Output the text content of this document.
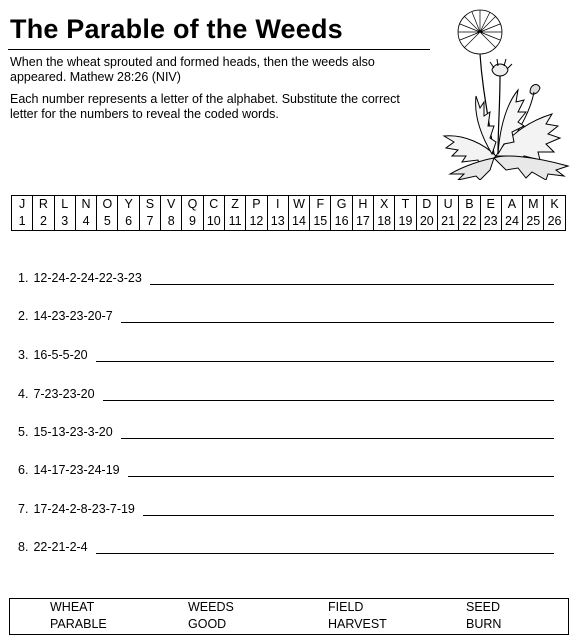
The Parable of the Weeds
When the wheat sprouted and formed heads, then the weeds also appeared. Mathew 28:26 (NIV)
Each number represents a letter of the alphabet. Substitute the correct letter for the numbers to reveal the coded words.
J	R	L	N	O	Y	S	V	Q	C	Z	P	I	W	F	G	H	X	T	D	U	B	E	A	M	K
1	2	3	4	5	6	7	8	9	10	11	12	13	14	15	16	17	18	19	20	21	22	23	24	25	26
1. 12-24-2-24-22-3-23
2. 14-23-23-20-7
3. 16-5-5-20
4. 7-23-23-20
5. 15-13-23-3-20
6. 14-17-23-24-19
7. 17-24-2-8-23-7-19
8. 22-21-2-4
WHEAT	WEEDS	FIELD	SEED
PARABLE	GOOD	HARVEST	BURN
